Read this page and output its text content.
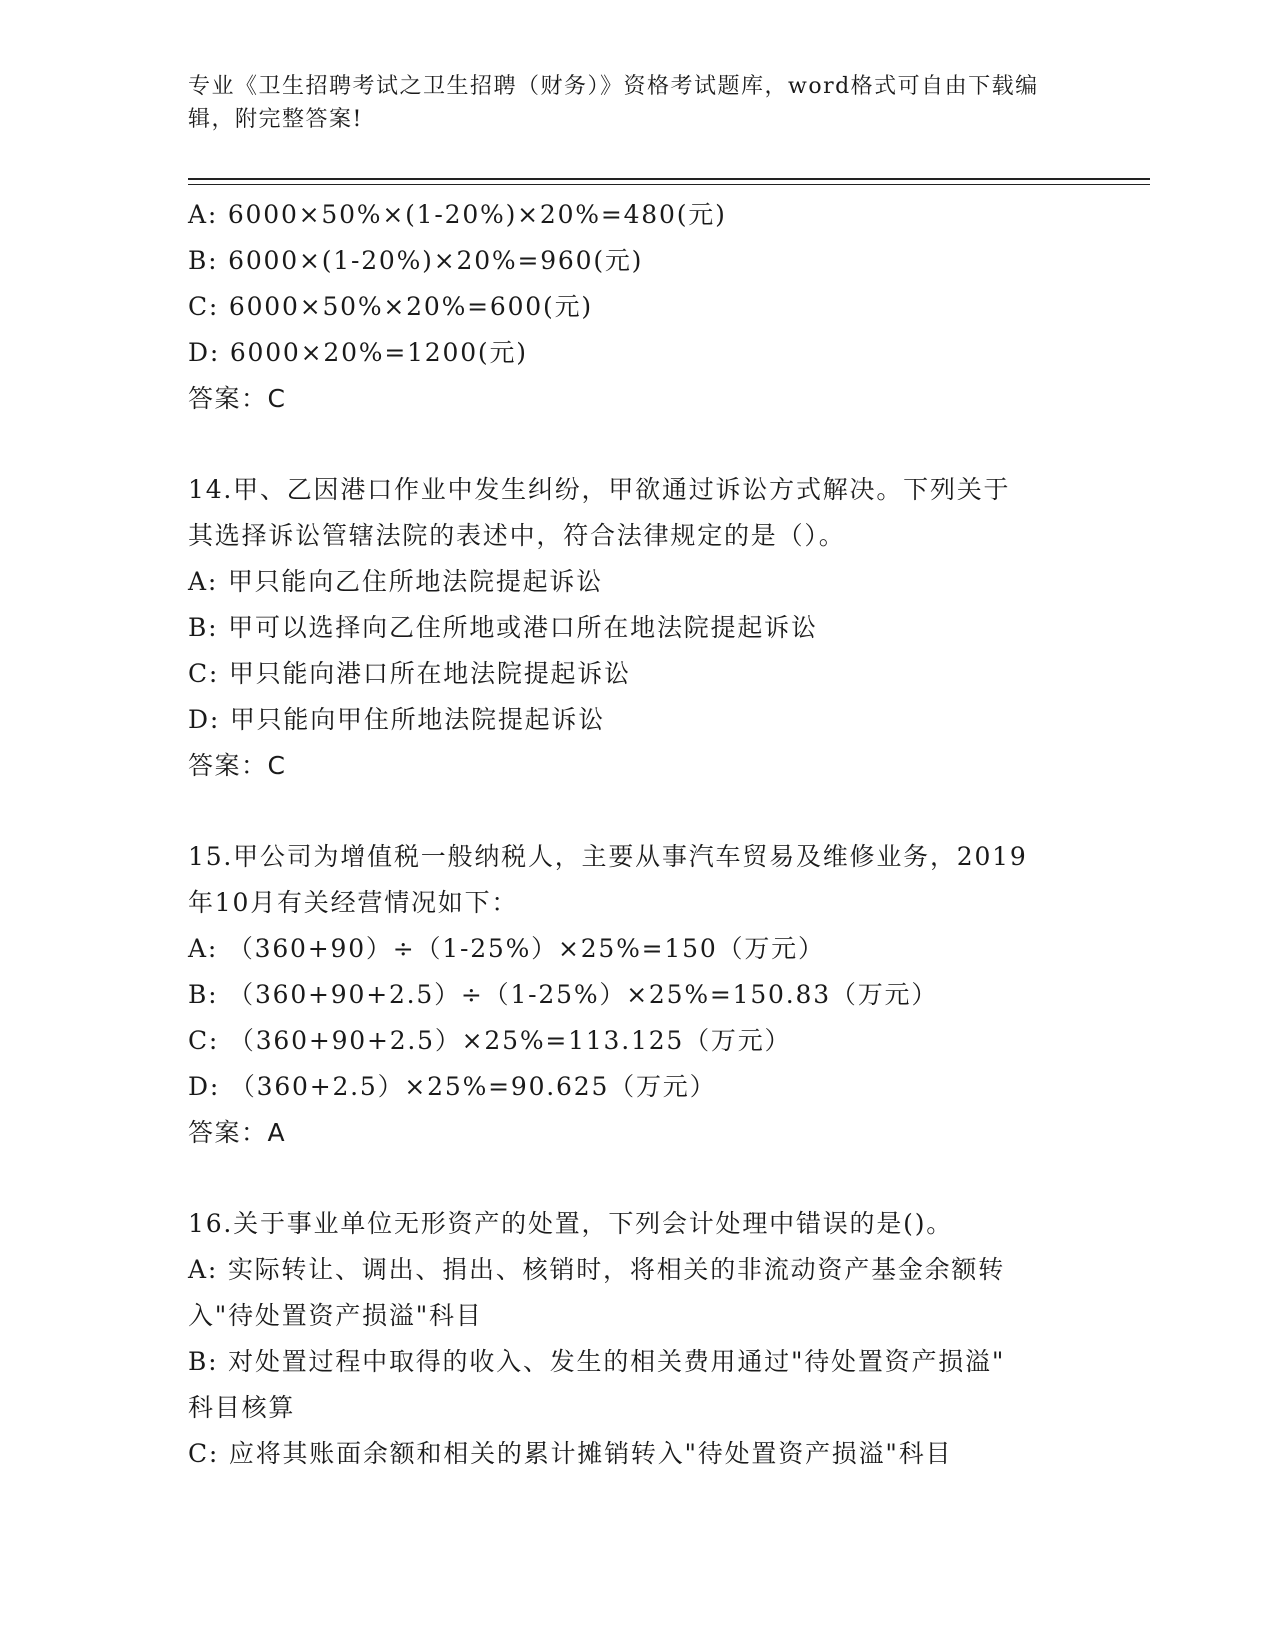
专业《卫生招聘考试之卫生招聘（财务）》资格考试题库，word格式可自由下载编辑，附完整答案!
A: 6000×50%×(1-20%)×20%=480(元)
B: 6000×(1-20%)×20%=960(元)
C: 6000×50%×20%=600(元)
D: 6000×20%=1200(元)
答案：C
14.甲、乙因港口作业中发生纠纷，甲欲通过诉讼方式解决。下列关于
其选择诉讼管辖法院的表述中，符合法律规定的是（）。
A: 甲只能向乙住所地法院提起诉讼
B: 甲可以选择向乙住所地或港口所在地法院提起诉讼
C: 甲只能向港口所在地法院提起诉讼
D: 甲只能向甲住所地法院提起诉讼
答案：C
15.甲公司为增值税一般纳税人，主要从事汽车贸易及维修业务，2019
年10月有关经营情况如下：
A: （360+90）÷（1-25%）×25%=150（万元）
B: （360+90+2.5）÷（1-25%）×25%=150.83（万元）
C: （360+90+2.5）×25%=113.125（万元）
D: （360+2.5）×25%=90.625（万元）
答案：A
16.关于事业单位无形资产的处置，下列会计处理中错误的是()。
A: 实际转让、调出、捐出、核销时，将相关的非流动资产基金余额转
入"待处置资产损溢"科目
B: 对处置过程中取得的收入、发生的相关费用通过"待处置资产损溢"
科目核算
C: 应将其账面余额和相关的累计摊销转入"待处置资产损溢"科目
